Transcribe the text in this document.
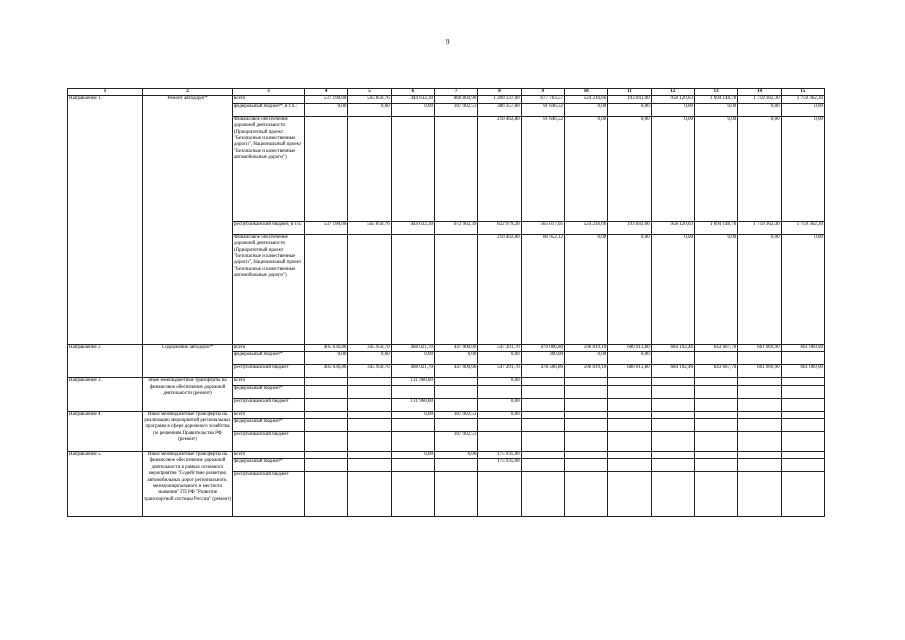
9
1	2	3	4	5	6	7	8	9	10	11	12	13	14	15
Направление 1.	Ремонт автодорог*	всего	537 190,00	545 850,76	444 632,30	860 804,90	1 209 337,00	677 763,57	524 216,66	193 041,00	958 120,63	1 694 148,70	1 759 362,30	1 759 362,30
		федеральный бюджет*, в т.ч.:	0,00	0,00	0,00	187 902,51	386 357,80	91 646,52	0,00	0,00	0,00	0,00	0,00	0,00
		Финансовое обеспечение дорожной деятельности (Приоритетный проект "Безопасные и качественные дороги", Национальный проект "Безопасные и качественные автомобильные дороги")					210 402,80	91 646,52	0,00	0,00	0,00	0,00	0,00	0,00
		республиканский бюджет, в т.ч.:	537 190,00	545 850,76	444 632,30	672 902,39	822 979,20	565 017,05	524 216,66	193 041,00	958 120,63	1 694 148,70	1 759 362,30	1 759 362,30
		Финансовое обеспечение дорожной деятельности (Приоритетный проект "Безопасные и качественные дороги", Национальный проект "Безопасные и качественные автомобильные дороги")					210 402,80	86 952,12	0,00	0,00	0,00	0,00	0,00	0,00
Направление 2	Содержание автодорог*	всего	405 036,80	345 950,70	468 021,70	447 000,00	547 201,70	479 006,80	596 819,10	680 013,80	684 192,46	643 667,70	661 069,90	661 069,90
		федеральный бюджет*	0,00	0,00	0,00	0,00	0,00	300,00	0,00	0,00				
		республиканский бюджет	405 036,80	345 950,70	468 021,70	447 000,00	547 201,70	478 506,80	596 819,10	680 013,80	684 192,46	643 667,70	661 069,90	661 069,90
Направление 3.	иные межбюджетные трансферты на финансовое обеспечение дорожной деятельности (ремонт)	всего			131 960,80		0,00							
		федеральный бюджет*												
		республиканский бюджет			131 960,80		0,00							
Направление 4.	Иные межбюджетные трансферты на реализацию мероприятий региональных программ в сфере дорожного хозяйства по решениям Правительства РФ (ремонт)	всего			0,00	187 902,51	0,00							
		федеральный бюджет*												
		республиканский бюджет				187 902,51								
Направление 5.	Иные межбюджетные трансферты на финансовое обеспечение дорожной деятельности в рамках основного мероприятия "Содействие развитию автомобильных дорог регионального, межмуниципального и местного значения" ГП РФ "Развитие транспортной системы России" (ремонт)	всего			0,00	0,00	175 935,00							
		федеральный бюджет*					175 935,00							
		республиканский бюджет												
